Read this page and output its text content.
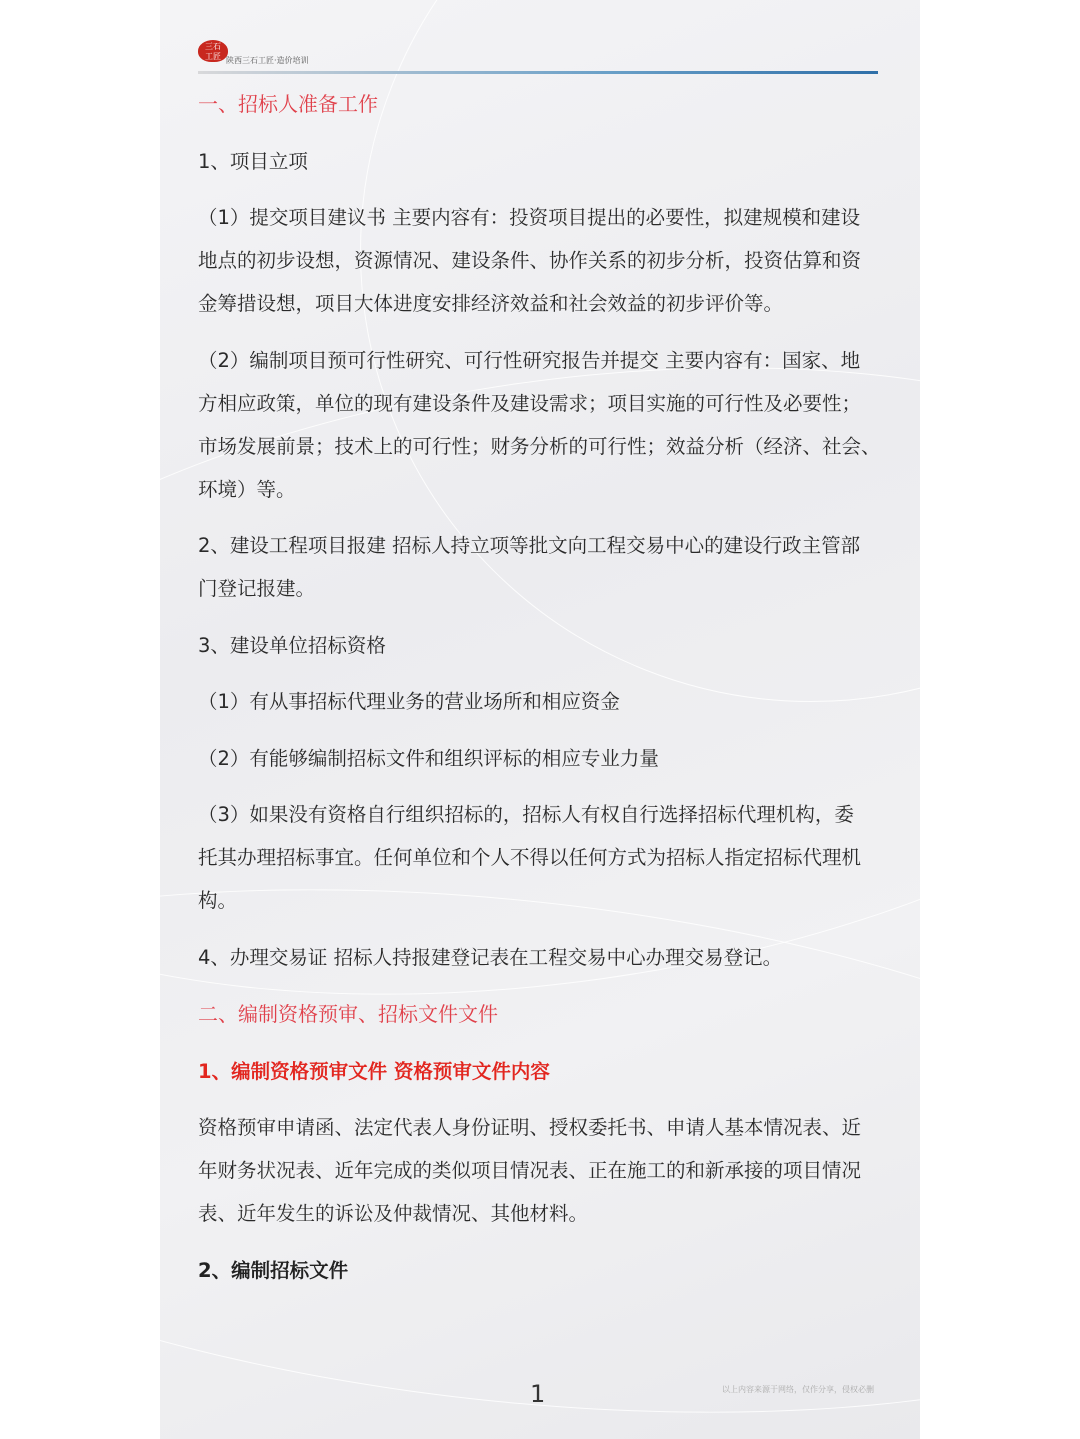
三石
工匠 陕西三石工匠·造价培训
一、招标人准备工作
1、项目立项
（1）提交项目建议书 主要内容有：投资项目提出的必要性，拟建规模和建设
地点的初步设想，资源情况、建设条件、协作关系的初步分析，投资估算和资
金筹措设想，项目大体进度安排经济效益和社会效益的初步评价等。
（2）编制项目预可行性研究、可行性研究报告并提交 主要内容有：国家、地
方相应政策，单位的现有建设条件及建设需求；项目实施的可行性及必要性；
市场发展前景；技术上的可行性；财务分析的可行性；效益分析（经济、社会、
环境）等。
2、建设工程项目报建 招标人持立项等批文向工程交易中心的建设行政主管部
门登记报建。
3、建设单位招标资格
（1）有从事招标代理业务的营业场所和相应资金
（2）有能够编制招标文件和组织评标的相应专业力量
（3）如果没有资格自行组织招标的，招标人有权自行选择招标代理机构，委
托其办理招标事宜。任何单位和个人不得以任何方式为招标人指定招标代理机
构。
4、办理交易证 招标人持报建登记表在工程交易中心办理交易登记。
二、编制资格预审、招标文件文件
1、编制资格预审文件 资格预审文件内容
资格预审申请函、法定代表人身份证明、授权委托书、申请人基本情况表、近
年财务状况表、近年完成的类似项目情况表、正在施工的和新承接的项目情况
表、近年发生的诉讼及仲裁情况、其他材料。
2、编制招标文件
1	以上内容来源于网络，仅作分享，侵权必删
